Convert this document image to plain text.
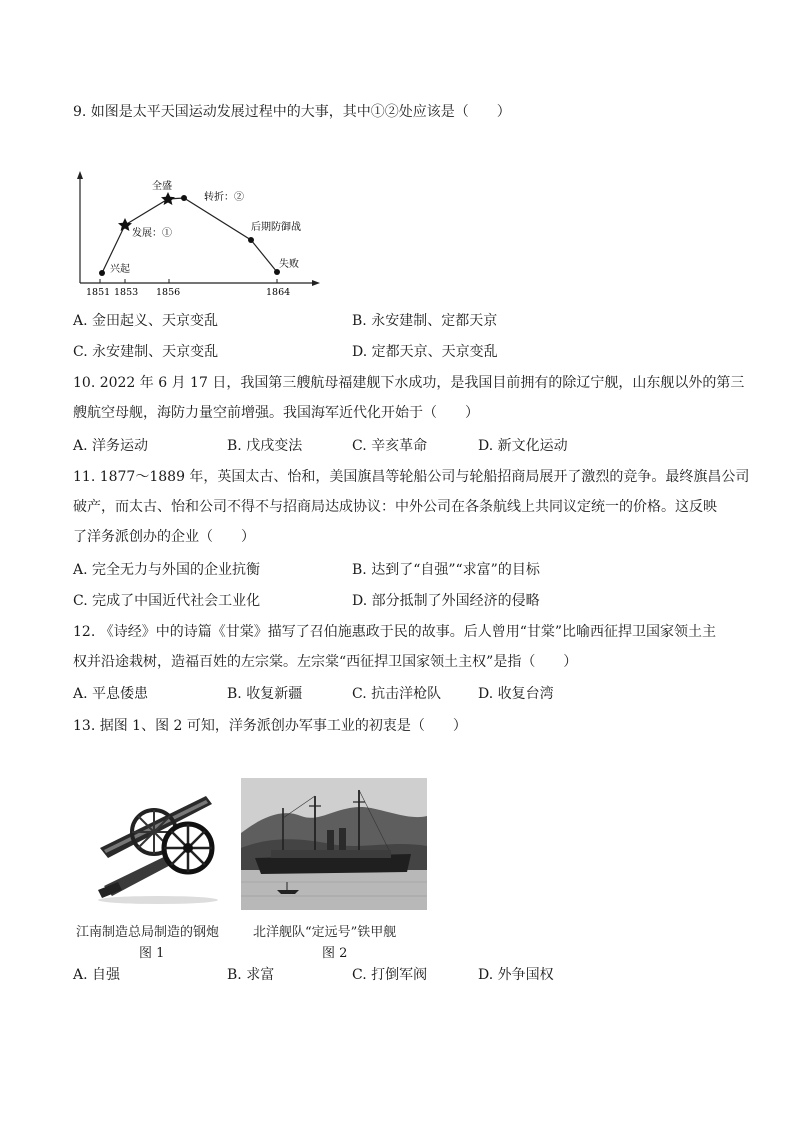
9. 如图是太平天国运动发展过程中的大事，其中①②处应该是（　　）
全盛
转折：②
发展：①
后期防御战
兴起	失败
1851 1853 1856	1864
A. 金田起义、天京变乱	B. 永安建制、定都天京
C. 永安建制、天京变乱	D. 定都天京、天京变乱
10. 2022 年 6 月 17 日，我国第三艘航母福建舰下水成功，是我国目前拥有的除辽宁舰，山东舰以外的第三
艘航空母舰，海防力量空前增强。我国海军近代化开始于（　　）
A. 洋务运动	B. 戊戌变法	C. 辛亥革命	D. 新文化运动
11. 1877～1889 年，英国太古、怡和，美国旗昌等轮船公司与轮船招商局展开了激烈的竞争。最终旗昌公司
破产，而太古、怡和公司不得不与招商局达成协议：中外公司在各条航线上共同议定统一的价格。这反映
了洋务派创办的企业（　　）
A. 完全无力与外国的企业抗衡	B. 达到了“自强”“求富”的目标
C. 完成了中国近代社会工业化	D. 部分抵制了外国经济的侵略
12. 《诗经》中的诗篇《甘棠》描写了召伯施惠政于民的故事。后人曾用“甘棠”比喻西征捍卫国家领土主
权并沿途栽树，造福百姓的左宗棠。左宗棠“西征捍卫国家领土主权”是指（　　）
A. 平息倭患	B. 收复新疆	C. 抗击洋枪队	D. 收复台湾
13. 据图 1、图 2 可知，洋务派创办军事工业的初衷是（　　）
江南制造总局制造的钢炮
图 1
北洋舰队“定远号”铁甲舰
图 2
A. 自强	B. 求富	C. 打倒军阀	D. 外争国权
